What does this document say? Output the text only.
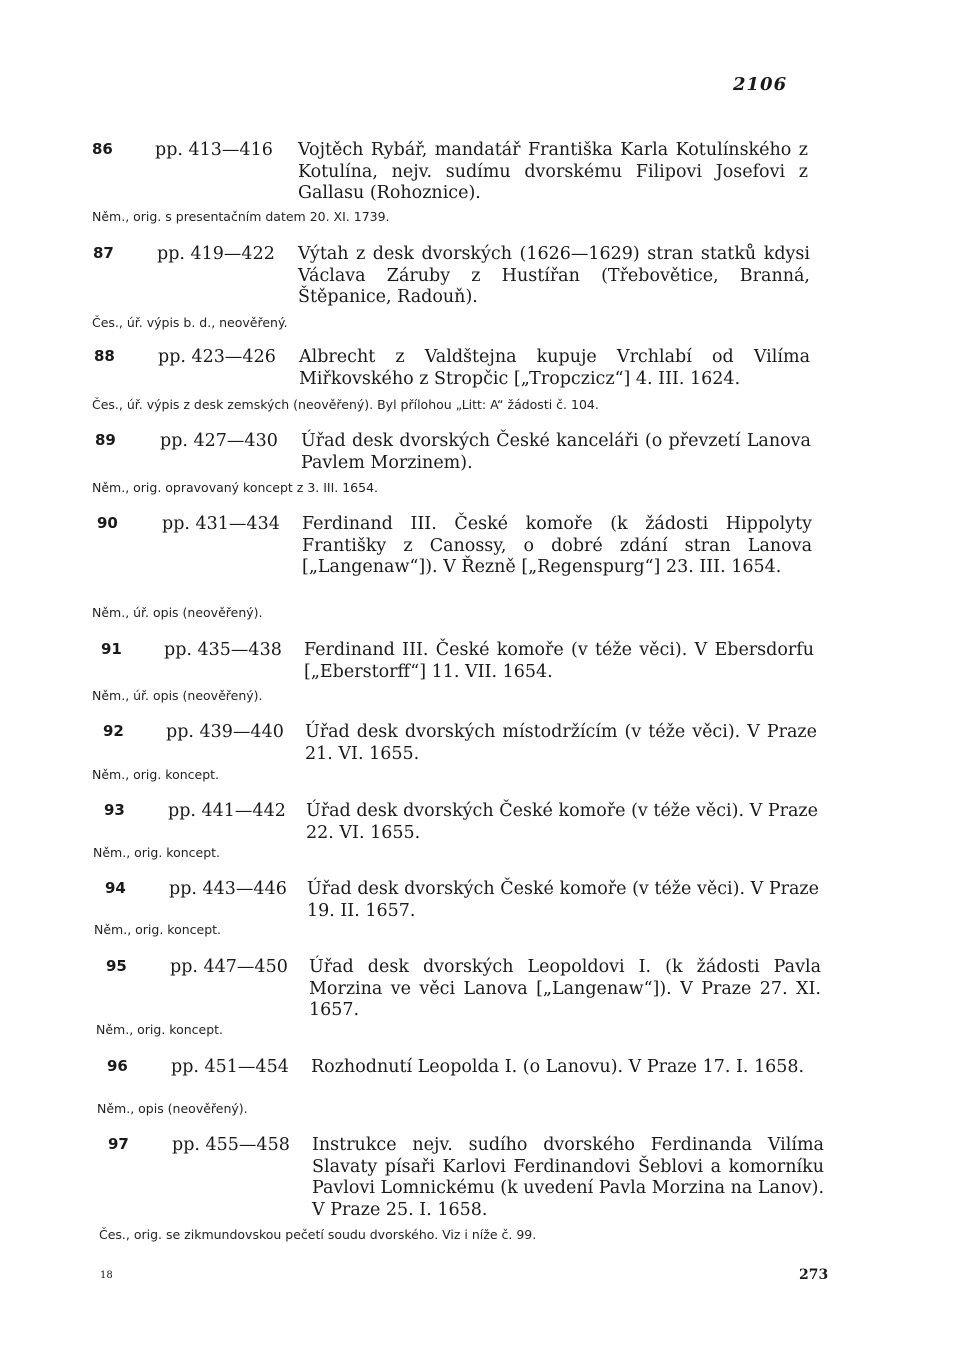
2106
86 pp. 413—416 Vojtěch Rybář, mandatář Františka Karla Kotulínského z Kotulína, nejv. sudímu dvorskému Filipovi Josefovi z Gallasu (Rohoznice).
Něm., orig. s presentačním datem 20. XI. 1739.
87 pp. 419—422 Výtah z desk dvorských (1626—1629) stran statků kdysi Václava Záruby z Hustířan (Třebovětice, Branná, Štěpanice, Radouň).
Čes., úř. výpis b. d., neověřený.
88 pp. 423—426 Albrecht z Valdštejna kupuje Vrchlabí od Vilíma Miřkovského z Stropčic [„Tropczicz“] 4. III. 1624.
Čes., úř. výpis z desk zemských (neověřený). Byl přílohou „Litt: A“ žádosti č. 104.
89	pp. 427—430 Úřad desk dvorských České kanceláři (o převzetí Lanova Pavlem Morzinem).
Něm., orig. opravovaný koncept z 3. III. 1654.
90	pp. 431—434 Ferdinand III. České komoře (k žádosti Hippolyty Františky z Canossy, o dobré zdání stran Lanova [„Langenaw“]). V Řezně [„Regenspurg“] 23. III. 1654.
Něm., úř. opis (neověřený).
91 pp. 435—438 Ferdinand III. České komoře (v téže věci). V Ebersdorfu [„Eberstorff“] 11. VII. 1654.
Něm., úř. opis (neověřený).
92 pp. 439—440 Úřad desk dvorských místodržícím (v téže věci). V Praze 21. VI. 1655.
Něm., orig. koncept.
93 pp. 441—442 Úřad desk dvorských České komoře (v téže věci). V Praze 22. VI. 1655.
Něm., orig. koncept.
94 pp. 443—446 Úřad desk dvorských České komoře (v téže věci). V Praze 19. II. 1657.
Něm., orig. koncept.
95 pp. 447—450 Úřad desk dvorských Leopoldovi I. (k žádosti Pavla Morzina ve věci Lanova [„Langenaw“]). V Praze 27. XI. 1657.
Něm., orig. koncept.
96 pp. 451—454 Rozhodnutí Leopolda I. (o Lanovu). V Praze 17. I. 1658.
Něm., opis (neověřený).
97 pp. 455—458 Instrukce nejv. sudího dvorského Ferdinanda Vilíma Slavaty písaři Karlovi Ferdinandovi Šeblovi a komorníku Pavlovi Lomnickému (k uvedení Pavla Morzina na Lanov). V Praze 25. I. 1658.
Čes., orig. se zikmundovskou pečetí soudu dvorského. Viz i níže č. 99.
18	273
